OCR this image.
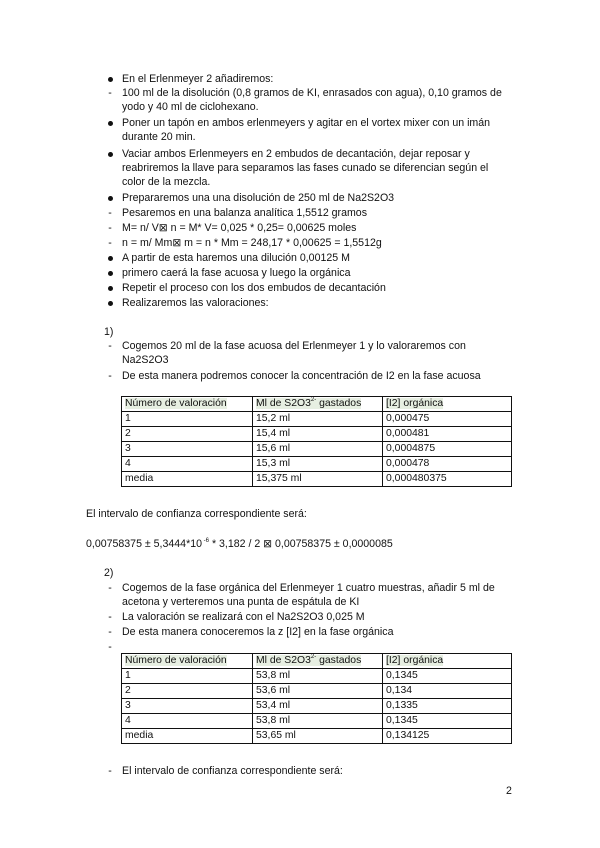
En el Erlenmeyer 2 añadiremos:
- 100 ml de la disolución (0,8 gramos de KI, enrasados con agua), 0,10 gramos de
yodo y 40 ml de ciclohexano.
Poner un tapón en ambos erlenmeyers y agitar en el vortex mixer con un imán
durante 20 min.
Vaciar ambos Erlenmeyers en 2 embudos de decantación, dejar reposar y
reabriremos la llave para separamos las fases cunado se diferencian según el
color de la mezcla.
Prepararemos una una disolución de 250 ml de Na2S2O3
- Pesaremos en una balanza analítica 1,5512 gramos
- M= n/ V⊠ n = M* V= 0,025 * 0,25= 0,00625 moles
- n = m/ Mm⊠ m = n * Mm = 248,17 * 0,00625 = 1,5512g
A partir de esta haremos una dilución 0,00125 M
primero caerá la fase acuosa y luego la orgánica
Repetir el proceso con los dos embudos de decantación
Realizaremos las valoraciones:
1)
- Cogemos 20 ml de la fase acuosa del Erlenmeyer 1 y lo valoraremos con
Na2S2O3
- De esta manera podremos conocer la concentración de I2 en la fase acuosa
Número de valoración	Ml de $S2O3^{2-}$ gastados	[I2] orgánica
1	15,2 ml	0,000475
2	15,4 ml	0,000481
3	15,6 ml	0,0004875
4	15,3 ml	0,000478
media	15,375 ml	0,000480375
El intervalo de confianza correspondiente será:
0,00758375 ± 5,3444*10 $^{-6}$ * 3,182 / 2 ⊠ 0,00758375 ± 0,0000085
2)
- Cogemos de la fase orgánica del Erlenmeyer 1 cuatro muestras, añadir 5 ml de
acetona y verteremos una punta de espátula de KI
- La valoración se realizará con el Na2S2O3 0,025 M
- De esta manera conoceremos la z [I2] en la fase orgánica
-
Número de valoración	Ml de $S2O3^{2-}$ gastados	[I2] orgánica
1	53,8 ml	0,1345
2	53,6 ml	0,134
3	53,4 ml	0,1335
4	53,8 ml	0,1345
media	53,65 ml	0,134125
- El intervalo de confianza correspondiente será:
2
